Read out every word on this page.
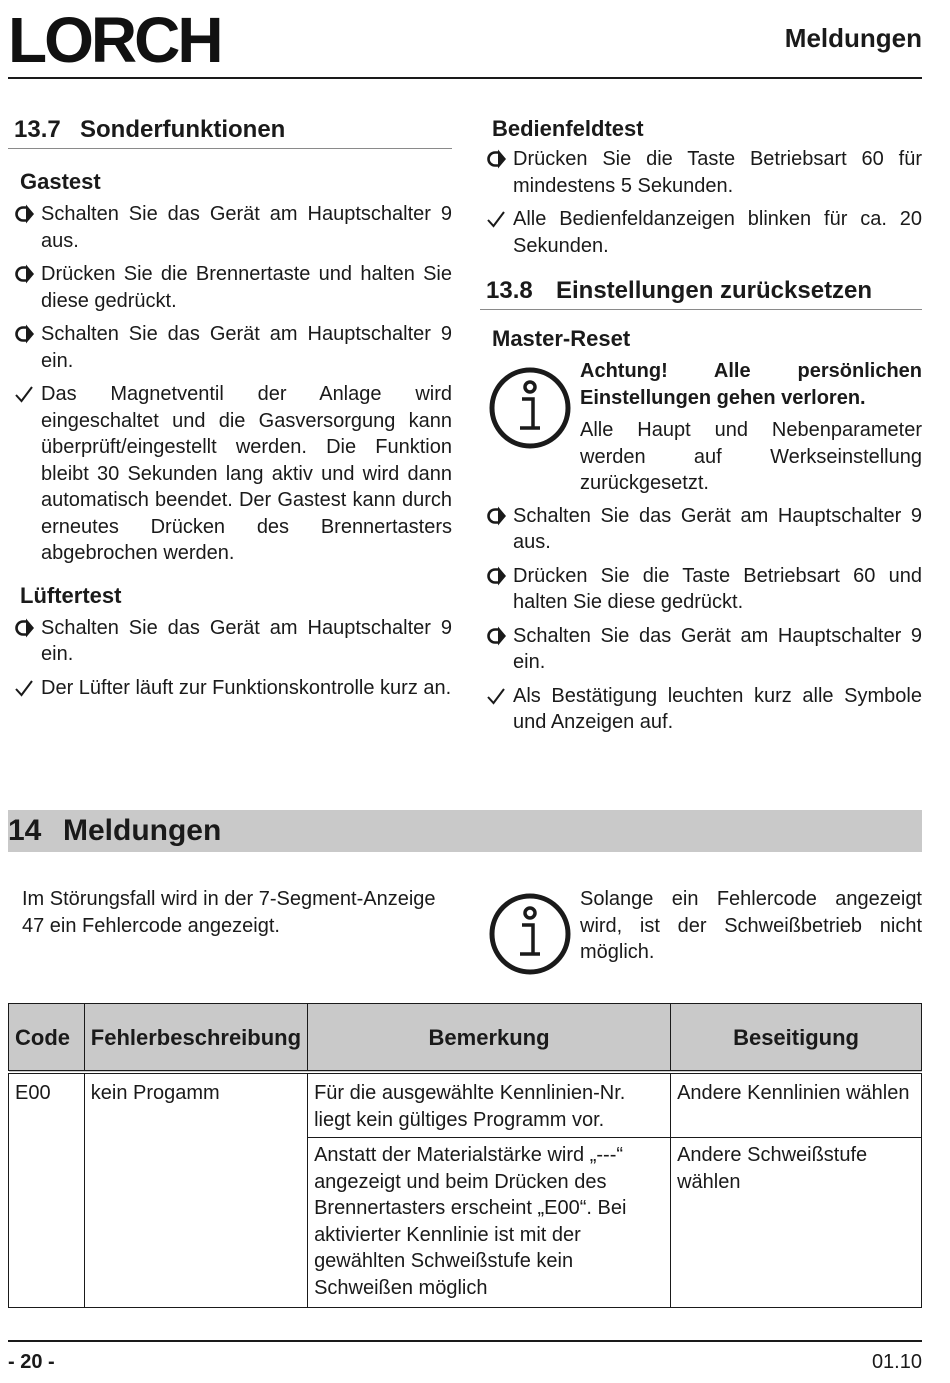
LORCH	Meldungen
13.7 Sonderfunktionen
Gastest
Schalten Sie das Gerät am Hauptschalter 9 aus.
Drücken Sie die Brennertaste und halten Sie diese gedrückt.
Schalten Sie das Gerät am Hauptschalter 9 ein.
Das Magnetventil der Anlage wird eingeschaltet und die Gasversorgung kann überprüft/eingestellt werden. Die Funktion bleibt 30 Sekunden lang aktiv und wird dann automatisch beendet. Der Gastest kann durch erneutes Drücken des Brennertasters abgebrochen werden.
Lüftertest
Schalten Sie das Gerät am Hauptschalter 9 ein.
Der Lüfter läuft zur Funktionskontrolle kurz an.
Bedienfeldtest
Drücken Sie die Taste Betriebsart 60 für mindestens 5 Sekunden.
Alle Bedienfeldanzeigen blinken für ca. 20 Sekunden.
13.8 Einstellungen zurücksetzen
Master-Reset
Achtung! Alle persönlichen Einstellungen gehen verloren.
Alle Haupt und Nebenparameter werden auf Werkseinstellung zurückgesetzt.
Schalten Sie das Gerät am Hauptschalter 9 aus.
Drücken Sie die Taste Betriebsart 60 und halten Sie diese gedrückt.
Schalten Sie das Gerät am Hauptschalter 9 ein.
Als Bestätigung leuchten kurz alle Symbole und Anzeigen auf.
14 Meldungen
Im Störungsfall wird in der 7-Segment-Anzeige 47 ein Fehlercode angezeigt.
Solange ein Fehlercode angezeigt wird, ist der Schweißbetrieb nicht möglich.
Code	Fehlerbeschreibung	Bemerkung	Beseitigung
E00	kein Progamm	Für die ausgewählte Kennlinien-Nr. liegt kein gültiges Programm vor.	Andere Kennlinien wählen
		Anstatt der Materialstärke wird „---“ angezeigt und beim Drücken des Brennertasters erscheint „E00“. Bei aktivierter Kennlinie ist mit der gewählten Schweißstufe kein Schweißen möglich	Andere Schweißstufe wählen
- 20 -	01.10
